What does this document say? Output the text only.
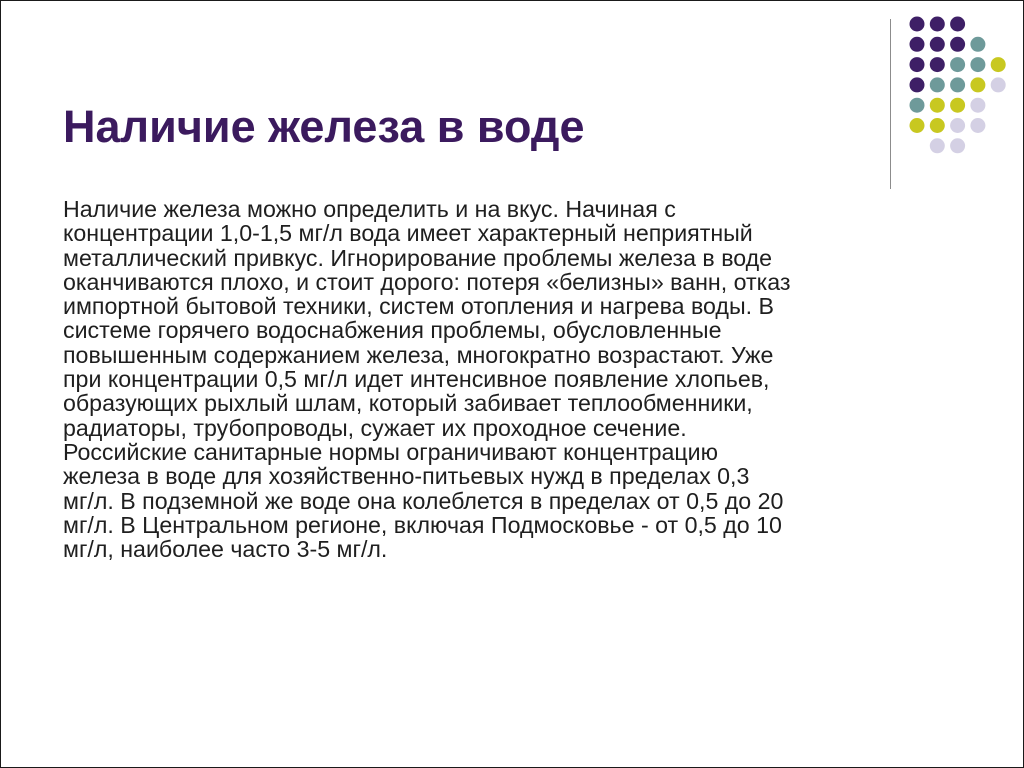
Наличие железа в воде

Наличие железа можно определить и на вкус. Начиная с
концентрации 1,0-1,5 мг/л вода имеет характерный неприятный
металлический привкус. Игнорирование проблемы железа в воде
оканчиваются плохо, и стоит дорого: потеря «белизны» ванн, отказ
импортной бытовой техники, систем отопления и нагрева воды. В
системе горячего водоснабжения проблемы, обусловленные
повышенным содержанием железа, многократно возрастают. Уже
при концентрации 0,5 мг/л идет интенсивное появление хлопьев,
образующих рыхлый шлам, который забивает теплообменники,
радиаторы, трубопроводы, сужает их проходное сечение.
Российские санитарные нормы ограничивают концентрацию
железа в воде для хозяйственно-питьевых нужд в пределах 0,3
мг/л. В подземной же воде она колеблется в пределах от 0,5 до 20
мг/л. В Центральном регионе, включая Подмосковье - от 0,5 до 10
мг/л, наиболее часто 3-5 мг/л.
